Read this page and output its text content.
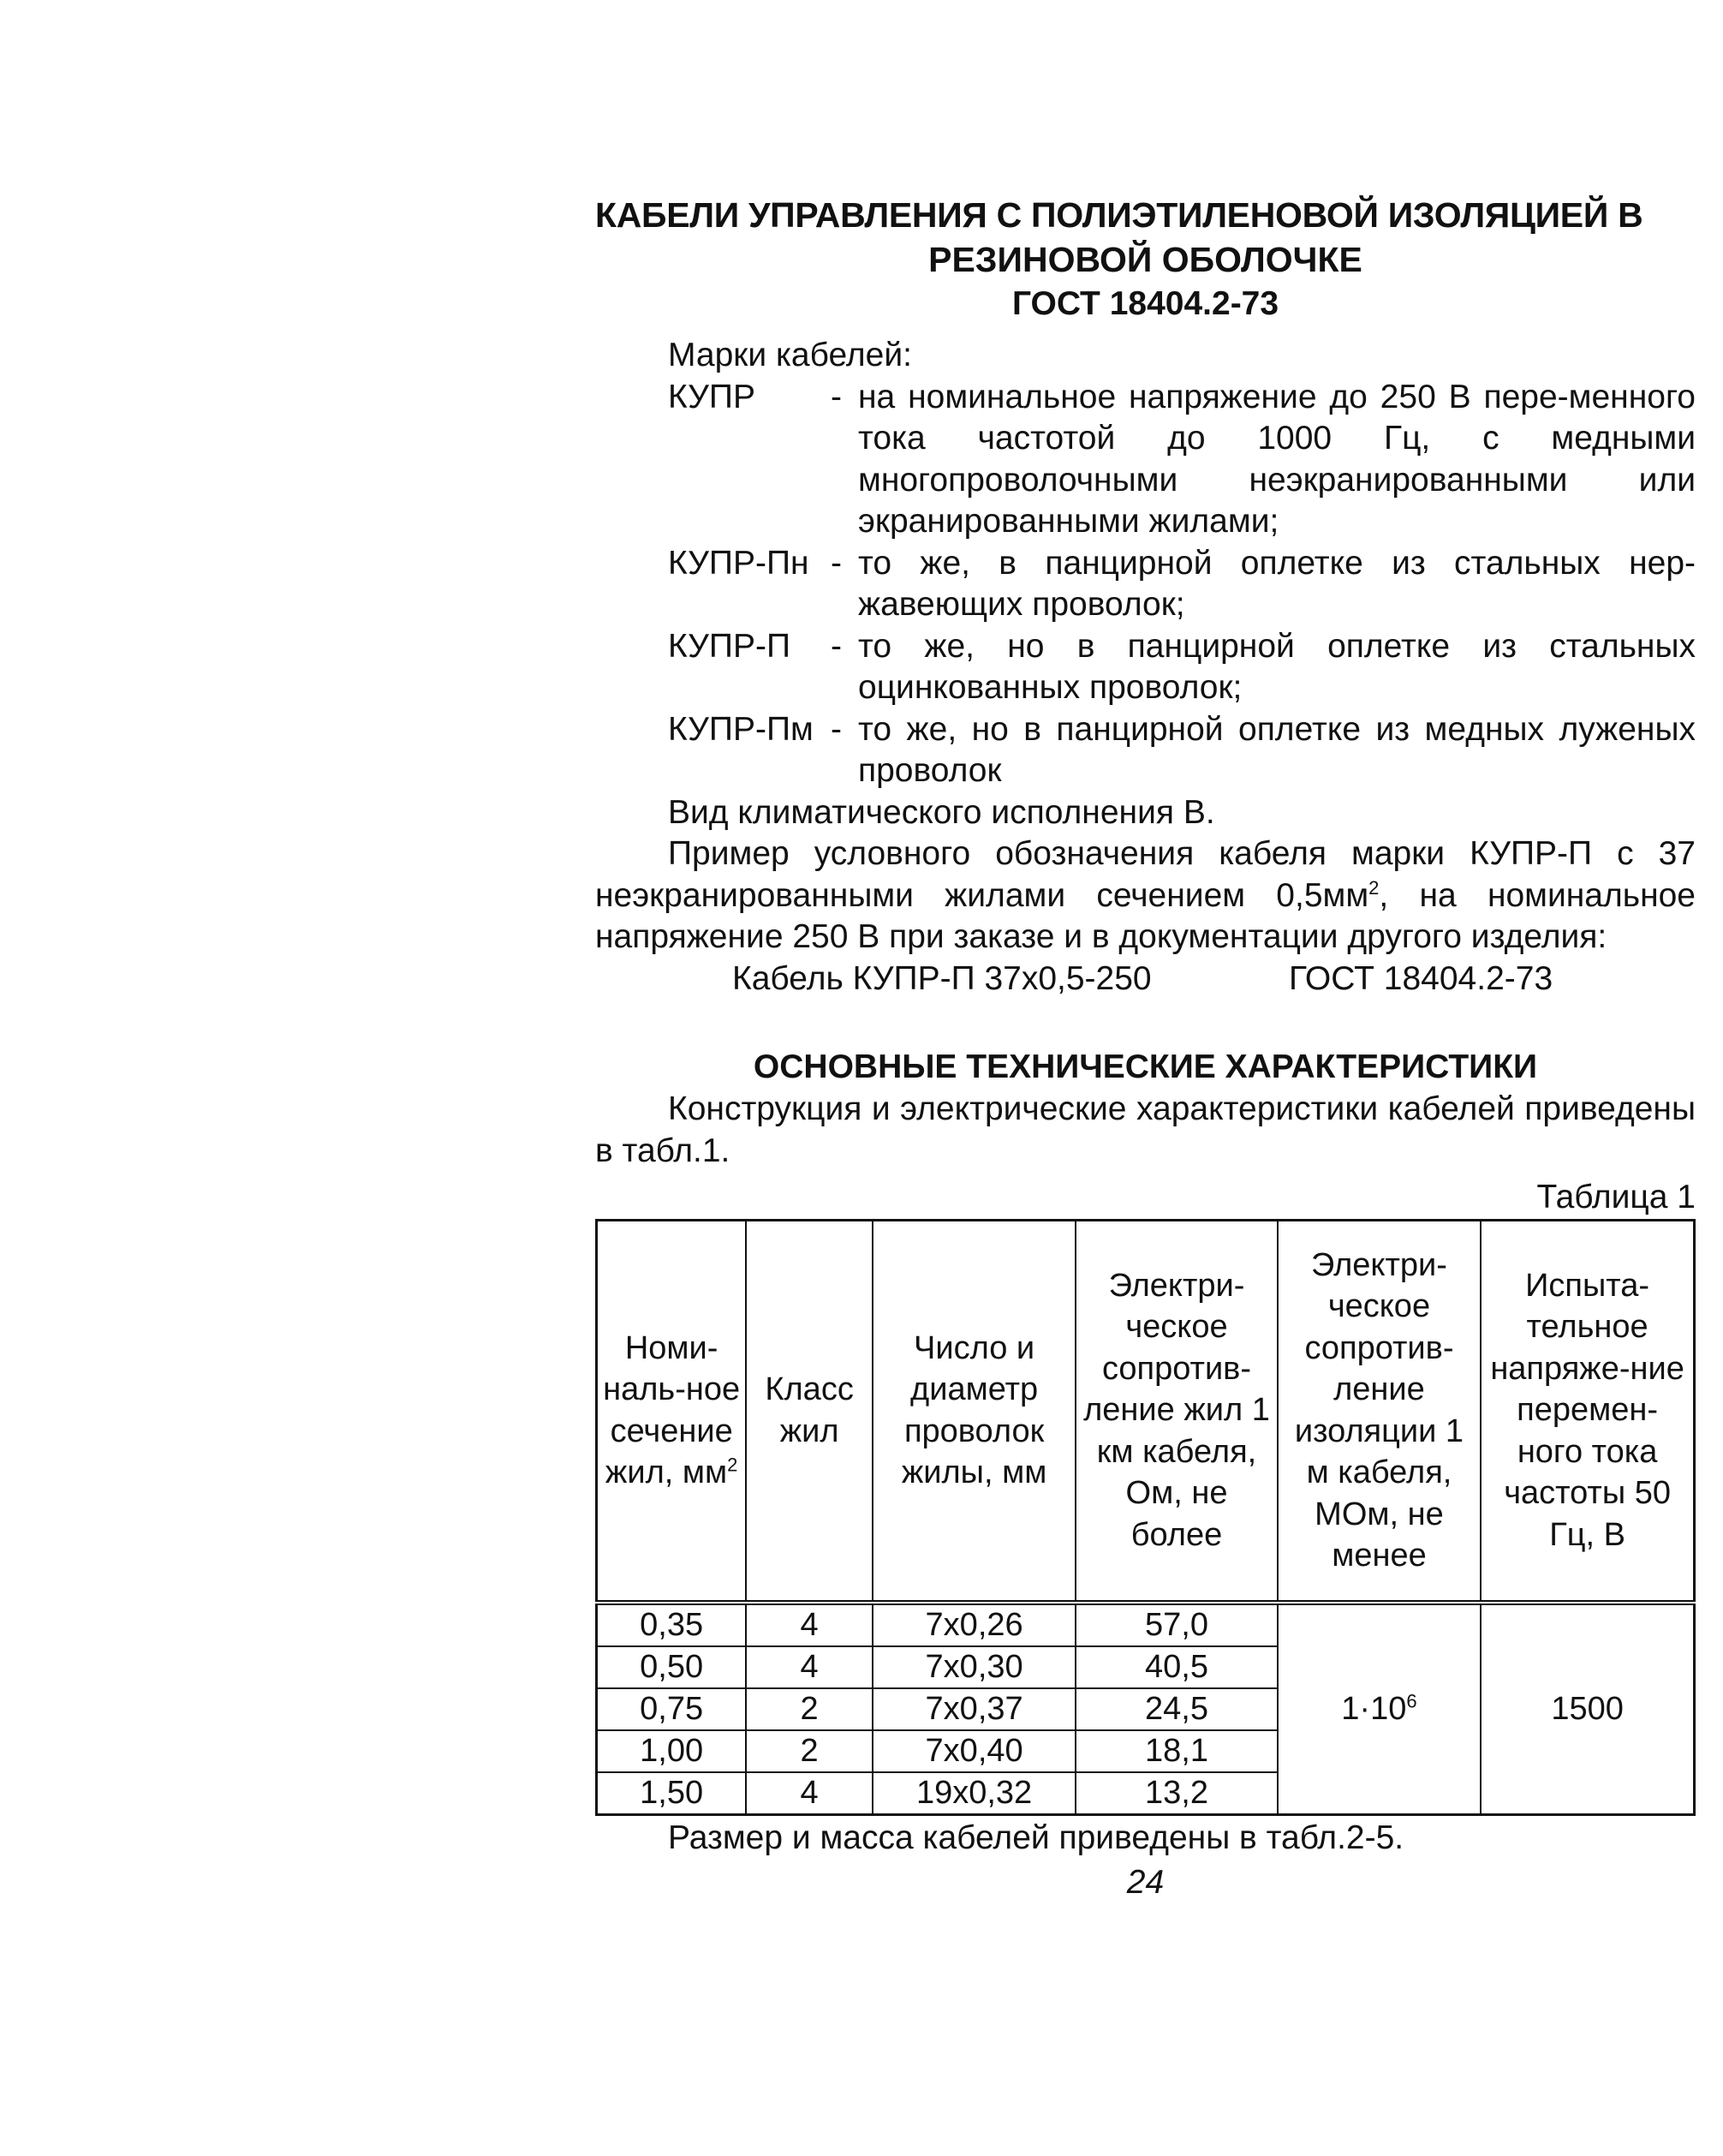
КАБЕЛИ УПРАВЛЕНИЯ С ПОЛИЭТИЛЕНОВОЙ ИЗОЛЯЦИЕЙ В
РЕЗИНОВОЙ ОБОЛОЧКЕ
ГОСТ 18404.2-73
Марки кабелей:
КУПР	- на номинальное напряжение до 250 В пере-менного тока частотой до 1000 Гц, с медными многопроволочными неэкранированными или экранированными жилами;
КУПР-Пн - то же, в панцирной оплетке из стальных нер-жавеющих проволок;
КУПР-П	- то же, но в панцирной оплетке из стальных оцинкованных проволок;
КУПР-Пм - то же, но в панцирной оплетке из медных луженых проволок
Вид климатического исполнения В.
Пример условного обозначения кабеля марки КУПР-П с 37 неэкранированными жилами сечением $0,5мм^2$, на номинальное напряжение 250 В при заказе и в документации другого изделия:
Кабель КУПР-П 37х0,5-250	ГОСТ 18404.2-73
ОСНОВНЫЕ ТЕХНИЧЕСКИЕ ХАРАКТЕРИСТИКИ
Конструкция и электрические характеристики кабелей приведены в табл.1.
Таблица 1
Номи-наль-ное сечение жил, $мм^2$	Класс жил	Число и диаметр проволок жилы, мм	Электри-ческое сопротив-ление жил 1 км кабеля, Ом, не более	Электри-ческое сопротив-ление изоляции 1 м кабеля, МОм, не менее	Испыта-тельное напряже-ние перемен-ного тока частоты 50 Гц, В
0,35	4	7х0,26	57,0	$1\cdot 10^6$	1500
0,50	4	7х0,30	40,5		
0,75	2	7х0,37	24,5		
1,00	2	7х0,40	18,1		
1,50	4	19х0,32	13,2		
Размер и масса кабелей приведены в табл.2-5.
24
